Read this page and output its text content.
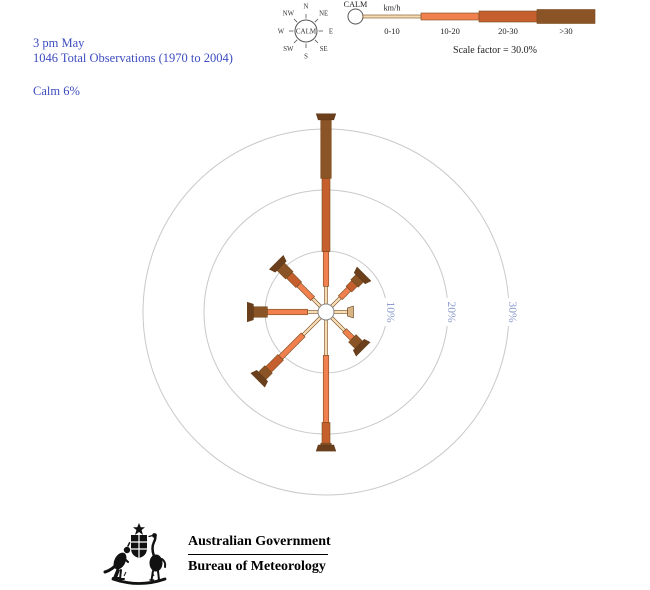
3 pm May
1046 Total Observations (1970 to 2004)
Calm 6%
CALM
N
NE
E
SE
S
SW
W
NW
CALM km/h
0-10	10-20	20-30	>30
Scale factor = 30.0%
10%	20%	30%
Australian Government
Bureau of Meteorology
